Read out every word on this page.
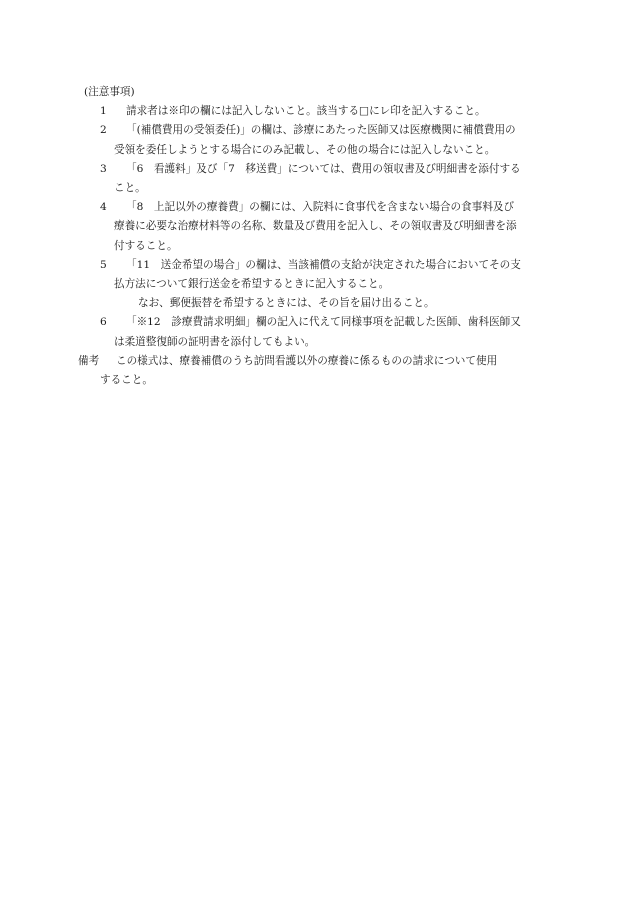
(注意事項)
1	請求者は※印の欄には記入しないこと。該当する□にレ印を記入すること。
2	「(補償費用の受領委任)」の欄は、診療にあたった医師又は医療機関に補償費用の
受領を委任しようとする場合にのみ記載し、その他の場合には記入しないこと。
3	「6　看護料」及び「7　移送費」については、費用の領収書及び明細書を添付する
こと。
4	「8　上記以外の療養費」の欄には、入院料に食事代を含まない場合の食事料及び
療養に必要な治療材料等の名称、数量及び費用を記入し、その領収書及び明細書を添
付すること。
5	「11　送金希望の場合」の欄は、当該補償の支給が決定された場合においてその支
払方法について銀行送金を希望するときに記入すること。
なお、郵便振替を希望するときには、その旨を届け出ること。
6	「※12　診療費請求明細」欄の記入に代えて同様事項を記載した医師、歯科医師又
は柔道整復師の証明書を添付してもよい。
備考	この様式は、療養補償のうち訪問看護以外の療養に係るものの請求について使用
すること。
